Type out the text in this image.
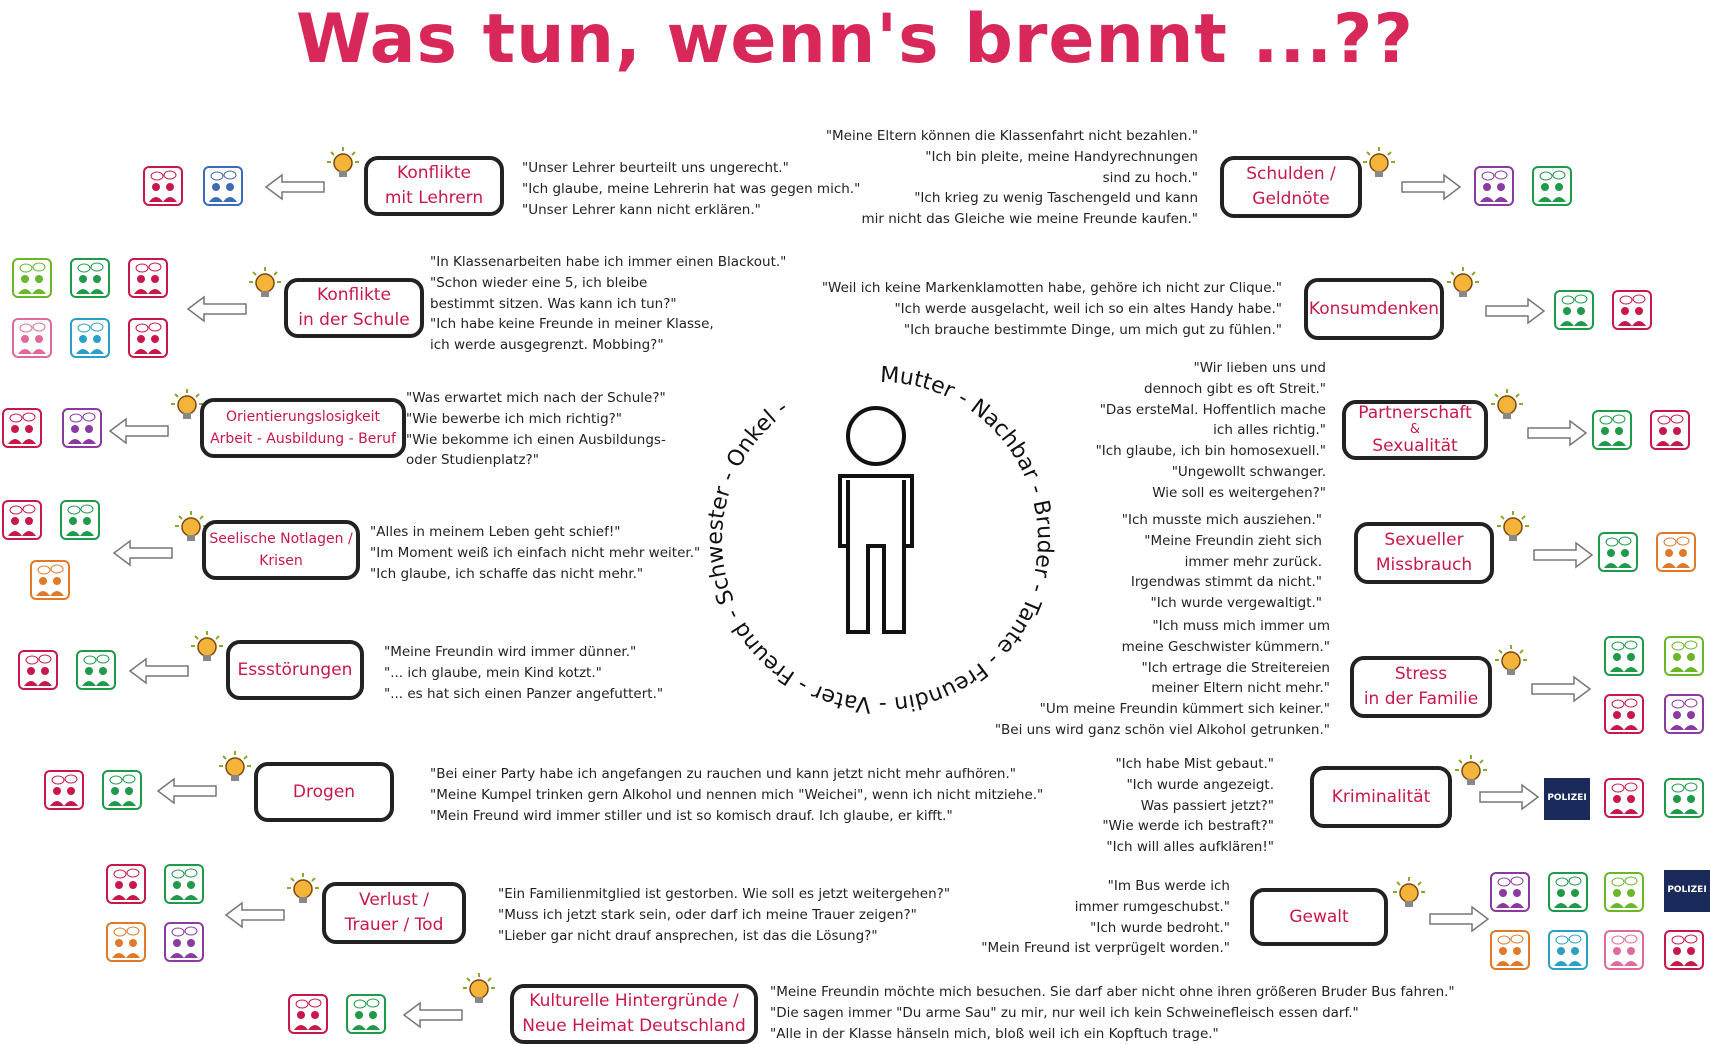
Was tun, wenn's brennt ...??
Mutter - Nachbar - Bruder - Tante - Freundin - Vater - Freund - Schwester - Onkel -
Konflikte
mit Lehrern
"Unser Lehrer beurteilt uns ungerecht."
"Ich glaube, meine Lehrerin hat was gegen mich."
"Unser Lehrer kann nicht erklären."
Konflikte
in der Schule
"In Klassenarbeiten habe ich immer einen Blackout."
"Schon wieder eine 5, ich bleibe
bestimmt sitzen. Was kann ich tun?"
"Ich habe keine Freunde in meiner Klasse,
ich werde ausgegrenzt. Mobbing?"
Orientierungslosigkeit
Arbeit - Ausbildung - Beruf
"Was erwartet mich nach der Schule?"
"Wie bewerbe ich mich richtig?"
"Wie bekomme ich einen Ausbildungs-
oder Studienplatz?"
Seelische Notlagen /
Krisen
"Alles in meinem Leben geht schief!"
"Im Moment weiß ich einfach nicht mehr weiter."
"Ich glaube, ich schaffe das nicht mehr."
Essstörungen
"Meine Freundin wird immer dünner."
"... ich glaube, mein Kind kotzt."
"... es hat sich einen Panzer angefuttert."
Drogen
"Bei einer Party habe ich angefangen zu rauchen und kann jetzt nicht mehr aufhören."
"Meine Kumpel trinken gern Alkohol und nennen mich "Weichei", wenn ich nicht mitziehe."
"Mein Freund wird immer stiller und ist so komisch drauf. Ich glaube, er kifft."
Verlust /
Trauer / Tod
"Ein Familienmitglied ist gestorben. Wie soll es jetzt weitergehen?"
"Muss ich jetzt stark sein, oder darf ich meine Trauer zeigen?"
"Lieber gar nicht drauf ansprechen, ist das die Lösung?"
Kulturelle Hintergründe /
Neue Heimat Deutschland
"Meine Freundin möchte mich besuchen. Sie darf aber nicht ohne ihren größeren Bruder Bus fahren."
"Die sagen immer "Du arme Sau" zu mir, nur weil ich kein Schweinefleisch essen darf."
"Alle in der Klasse hänseln mich, bloß weil ich ein Kopftuch trage."
"Meine Eltern können die Klassenfahrt nicht bezahlen."
"Ich bin pleite, meine Handyrechnungen
sind zu hoch."
"Ich krieg zu wenig Taschengeld und kann
mir nicht das Gleiche wie meine Freunde kaufen."
Schulden /
Geldnöte
"Weil ich keine Markenklamotten habe, gehöre ich nicht zur Clique."
"Ich werde ausgelacht, weil ich so ein altes Handy habe."
"Ich brauche bestimmte Dinge, um mich gut zu fühlen."
Konsumdenken
"Wir lieben uns und
dennoch gibt es oft Streit."
"Das ersteMal. Hoffentlich mache
ich alles richtig."
"Ich glaube, ich bin homosexuell."
"Ungewollt schwanger.
Wie soll es weitergehen?"
Partnerschaft
&
Sexualität
"Ich musste mich ausziehen."
"Meine Freundin zieht sich
immer mehr zurück.
Irgendwas stimmt da nicht."
"Ich wurde vergewaltigt."
Sexueller
Missbrauch
"Ich muss mich immer um
meine Geschwister kümmern."
"Ich ertrage die Streitereien
meiner Eltern nicht mehr."
"Um meine Freundin kümmert sich keiner."
"Bei uns wird ganz schön viel Alkohol getrunken."
Stress
in der Familie
"Ich habe Mist gebaut."
"Ich wurde angezeigt.
Was passiert jetzt?"
"Wie werde ich bestraft?"
"Ich will alles aufklären!"
Kriminalität	POLIZEI
"Im Bus werde ich
immer rumgeschubst."
"Ich wurde bedroht."
"Mein Freund ist verprügelt worden."
Gewalt
POLIZEI
